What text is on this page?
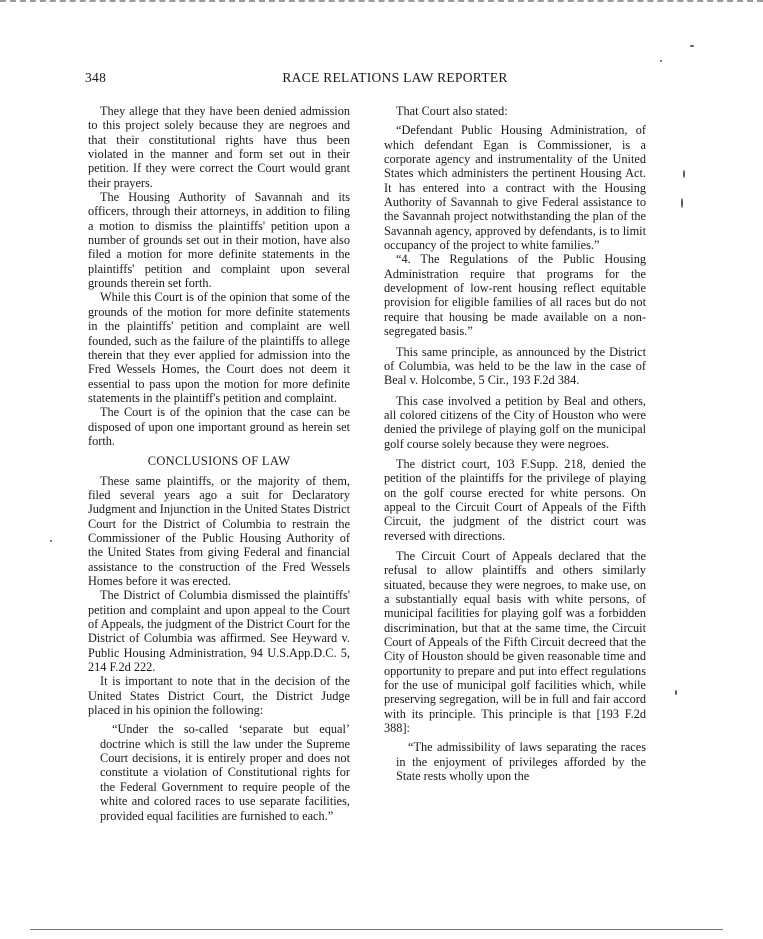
348	RACE RELATIONS LAW REPORTER

They allege that they have been denied admission to this project solely because they are negroes and that their constitutional rights have thus been violated in the manner and form set out in their petition. If they were correct the Court would grant their prayers.

The Housing Authority of Savannah and its officers, through their attorneys, in addition to filing a motion to dismiss the plaintiffs' petition upon a number of grounds set out in their motion, have also filed a motion for more definite statements in the plaintiffs' petition and complaint upon several grounds therein set forth.

While this Court is of the opinion that some of the grounds of the motion for more definite statements in the plaintiffs' petition and complaint are well founded, such as the failure of the plaintiffs to allege therein that they ever applied for admission into the Fred Wessels Homes, the Court does not deem it essential to pass upon the motion for more definite statements in the plaintiff's petition and complaint.

The Court is of the opinion that the case can be disposed of upon one important ground as herein set forth.

CONCLUSIONS OF LAW

These same plaintiffs, or the majority of them, filed several years ago a suit for Declaratory Judgment and Injunction in the United States District Court for the District of Columbia to restrain the Commissioner of the Public Housing Authority of the United States from giving Federal and financial assistance to the construction of the Fred Wessels Homes before it was erected.

The District of Columbia dismissed the plaintiffs' petition and complaint and upon appeal to the Court of Appeals, the judgment of the District Court for the District of Columbia was affirmed. See Heyward v. Public Housing Administration, 94 U.S.App.D.C. 5, 214 F.2d 222.

It is important to note that in the decision of the United States District Court, the District Judge placed in his opinion the following:

“Under the so-called ‘separate but equal’ doctrine which is still the law under the Supreme Court decisions, it is entirely proper and does not constitute a violation of Constitutional rights for the Federal Government to require people of the white and colored races to use separate facilities, provided equal facilities are furnished to each.”

That Court also stated:

“Defendant Public Housing Administration, of which defendant Egan is Commissioner, is a corporate agency and instrumentality of the United States which administers the pertinent Housing Act. It has entered into a contract with the Housing Authority of Savannah to give Federal assistance to the Savannah project notwithstanding the plan of the Savannah agency, approved by defendants, is to limit occupancy of the project to white families.”

“4. The Regulations of the Public Housing Administration require that programs for the development of low-rent housing reflect equitable provision for eligible families of all races but do not require that housing be made available on a non-segregated basis.”

This same principle, as announced by the District of Columbia, was held to be the law in the case of Beal v. Holcombe, 5 Cir., 193 F.2d 384.

This case involved a petition by Beal and others, all colored citizens of the City of Houston who were denied the privilege of playing golf on the municipal golf course solely because they were negroes.

The district court, 103 F.Supp. 218, denied the petition of the plaintiffs for the privilege of playing on the golf course erected for white persons. On appeal to the Circuit Court of Appeals of the Fifth Circuit, the judgment of the district court was reversed with directions.

The Circuit Court of Appeals declared that the refusal to allow plaintiffs and others similarly situated, because they were negroes, to make use, on a substantially equal basis with white persons, of municipal facilities for playing golf was a forbidden discrimination, but that at the same time, the Circuit Court of Appeals of the Fifth Circuit decreed that the City of Houston should be given reasonable time and opportunity to prepare and put into effect regulations for the use of municipal golf facilities which, while preserving segregation, will be in full and fair accord with its principle. This principle is that [193 F.2d 388]:

“The admissibility of laws separating the races in the enjoyment of privileges afforded by the State rests wholly upon the
